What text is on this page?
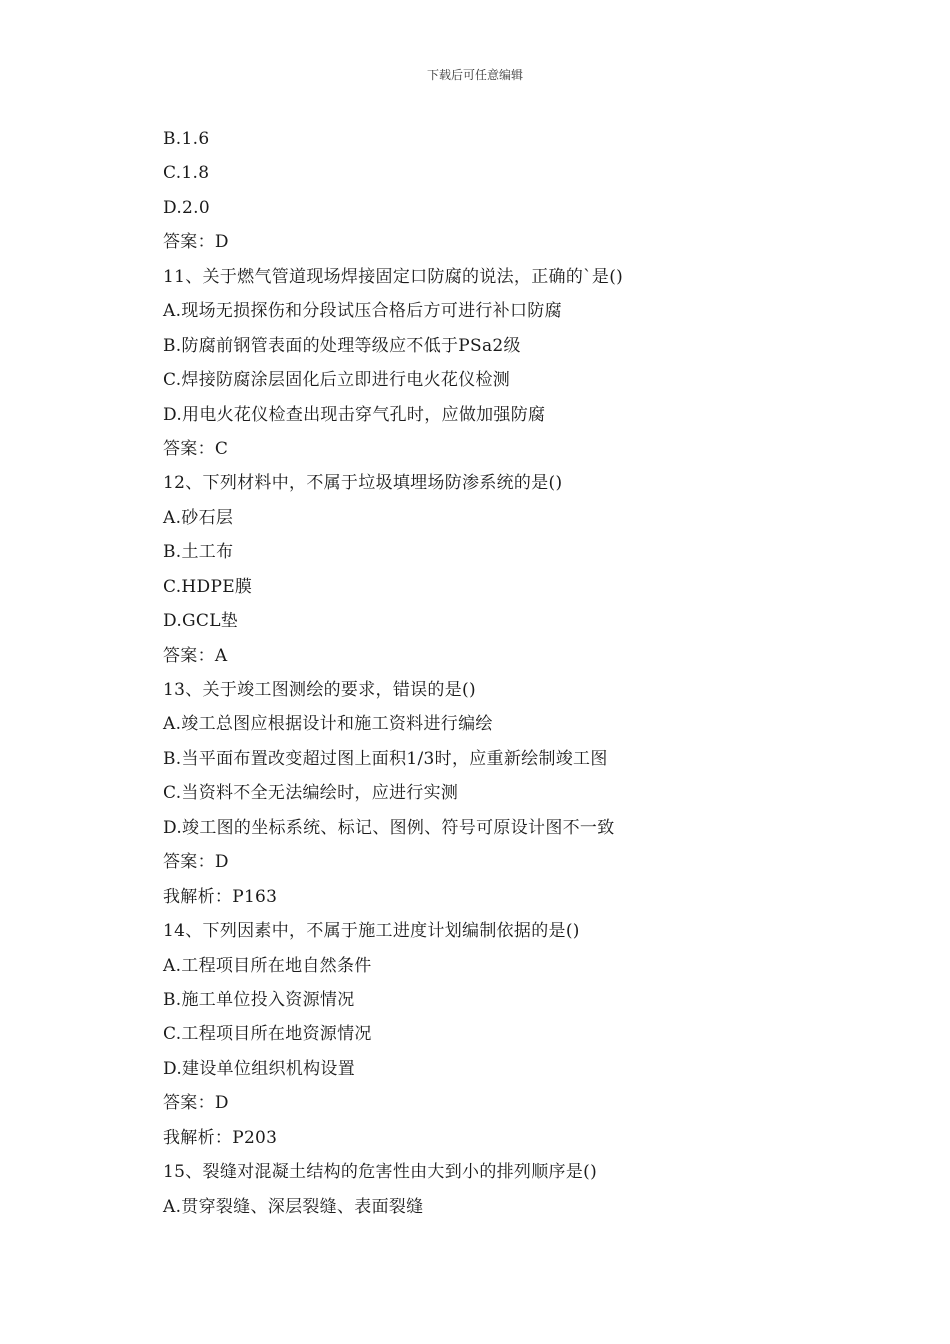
下载后可任意编辑
B.1.6
C.1.8
D.2.0
答案：D
11、关于燃气管道现场焊接固定口防腐的说法，正确的`是()
A.现场无损探伤和分段试压合格后方可进行补口防腐
B.防腐前钢管表面的处理等级应不低于PSa2级
C.焊接防腐涂层固化后立即进行电火花仪检测
D.用电火花仪检查出现击穿气孔时，应做加强防腐
答案：C
12、下列材料中，不属于垃圾填埋场防渗系统的是()
A.砂石层
B.土工布
C.HDPE膜
D.GCL垫
答案：A
13、关于竣工图测绘的要求，错误的是()
A.竣工总图应根据设计和施工资料进行编绘
B.当平面布置改变超过图上面积1/3时，应重新绘制竣工图
C.当资料不全无法编绘时，应进行实测
D.竣工图的坐标系统、标记、图例、符号可原设计图不一致
答案：D
我解析：P163
14、下列因素中，不属于施工进度计划编制依据的是()
A.工程项目所在地自然条件
B.施工单位投入资源情况
C.工程项目所在地资源情况
D.建设单位组织机构设置
答案：D
我解析：P203
15、裂缝对混凝土结构的危害性由大到小的排列顺序是()
A.贯穿裂缝、深层裂缝、表面裂缝
